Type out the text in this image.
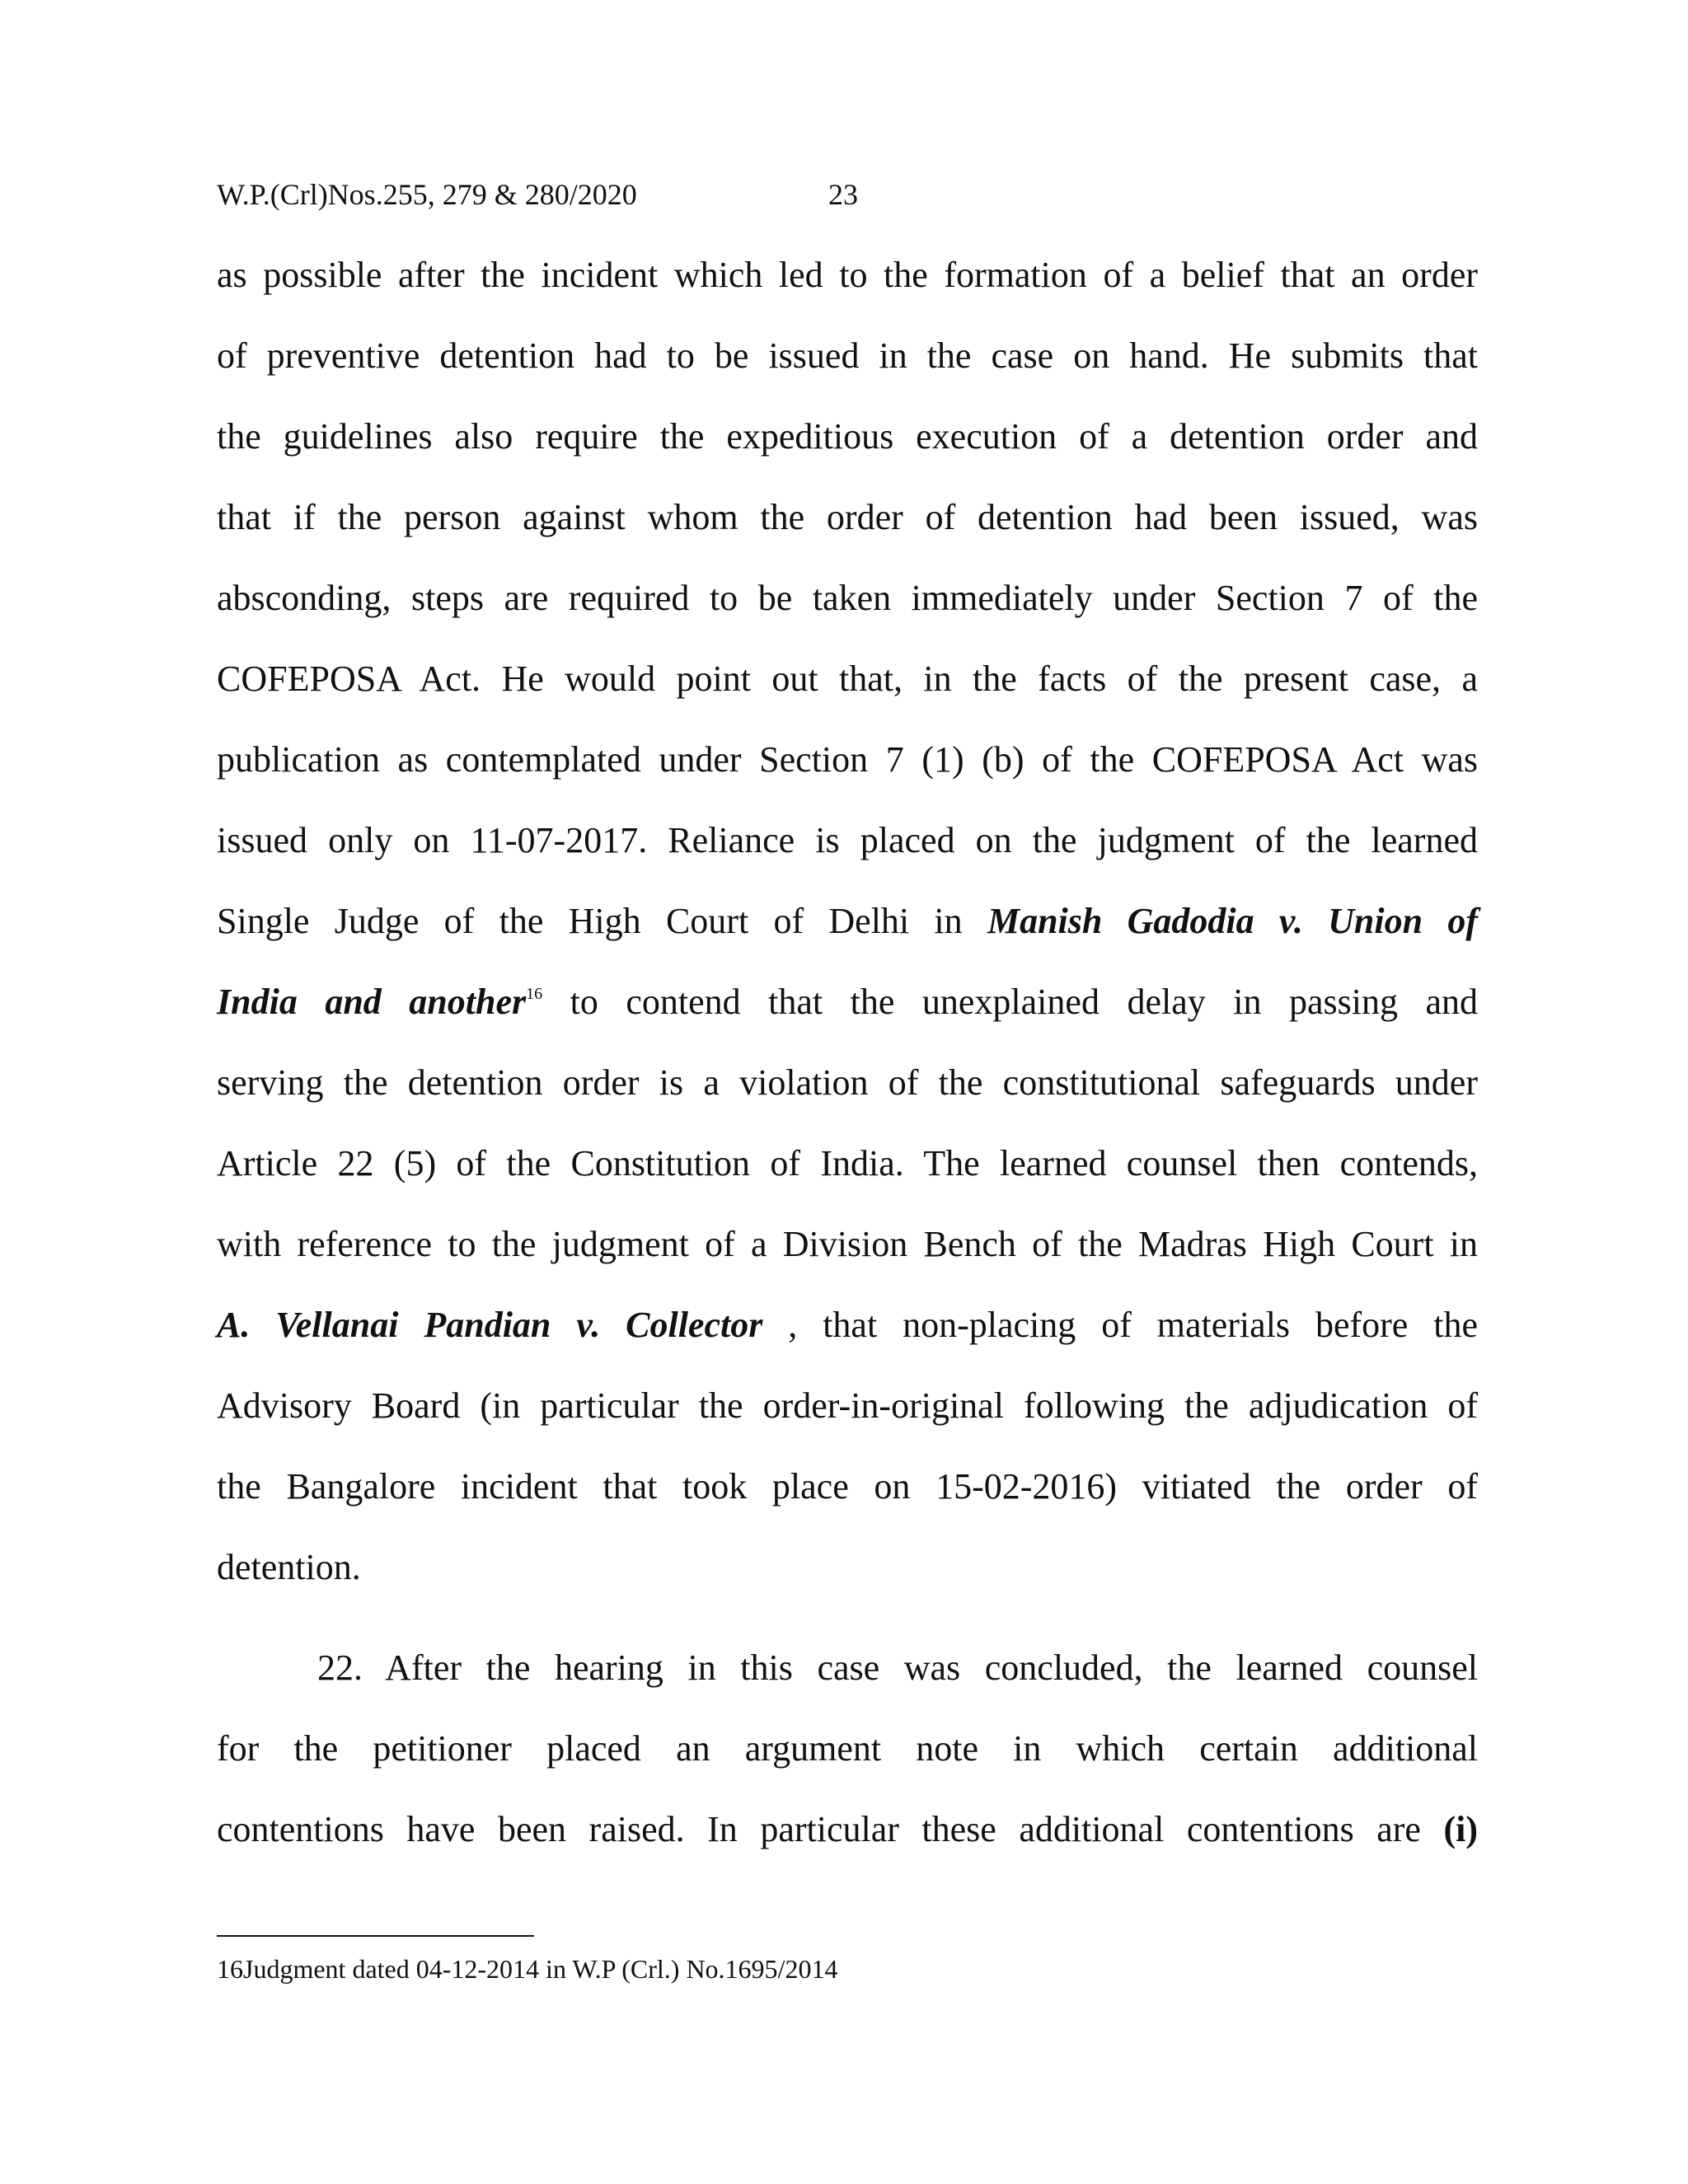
W.P.(Crl)Nos.255, 279 & 280/2020	23
as possible after the incident which led to the formation of a belief that an order
of preventive detention had to be issued in the case on hand. He submits that
the guidelines also require the expeditious execution of a detention order and
that if the person against whom the order of detention had been issued, was
absconding, steps are required to be taken immediately under Section 7 of the
COFEPOSA Act. He would point out that, in the facts of the present case, a
publication as contemplated under Section 7 (1) (b) of the COFEPOSA Act was
issued only on 11-07-2017. Reliance is placed on the judgment of the learned
Single Judge of the High Court of Delhi in Manish Gadodia v. Union of
India and another$^{16}$ to contend that the unexplained delay in passing and
serving the detention order is a violation of the constitutional safeguards under
Article 22 (5) of the Constitution of India. The learned counsel then contends,
with reference to the judgment of a Division Bench of the Madras High Court in
A. Vellanai Pandian v. Collector , that non-placing of materials before the
Advisory Board (in particular the order-in-original following the adjudication of
the Bangalore incident that took place on 15-02-2016) vitiated the order of
detention.
22. After the hearing in this case was concluded, the learned counsel
for the petitioner placed an argument note in which certain additional
contentions have been raised. In particular these additional contentions are (i)
16Judgment dated 04-12-2014 in W.P (Crl.) No.1695/2014
